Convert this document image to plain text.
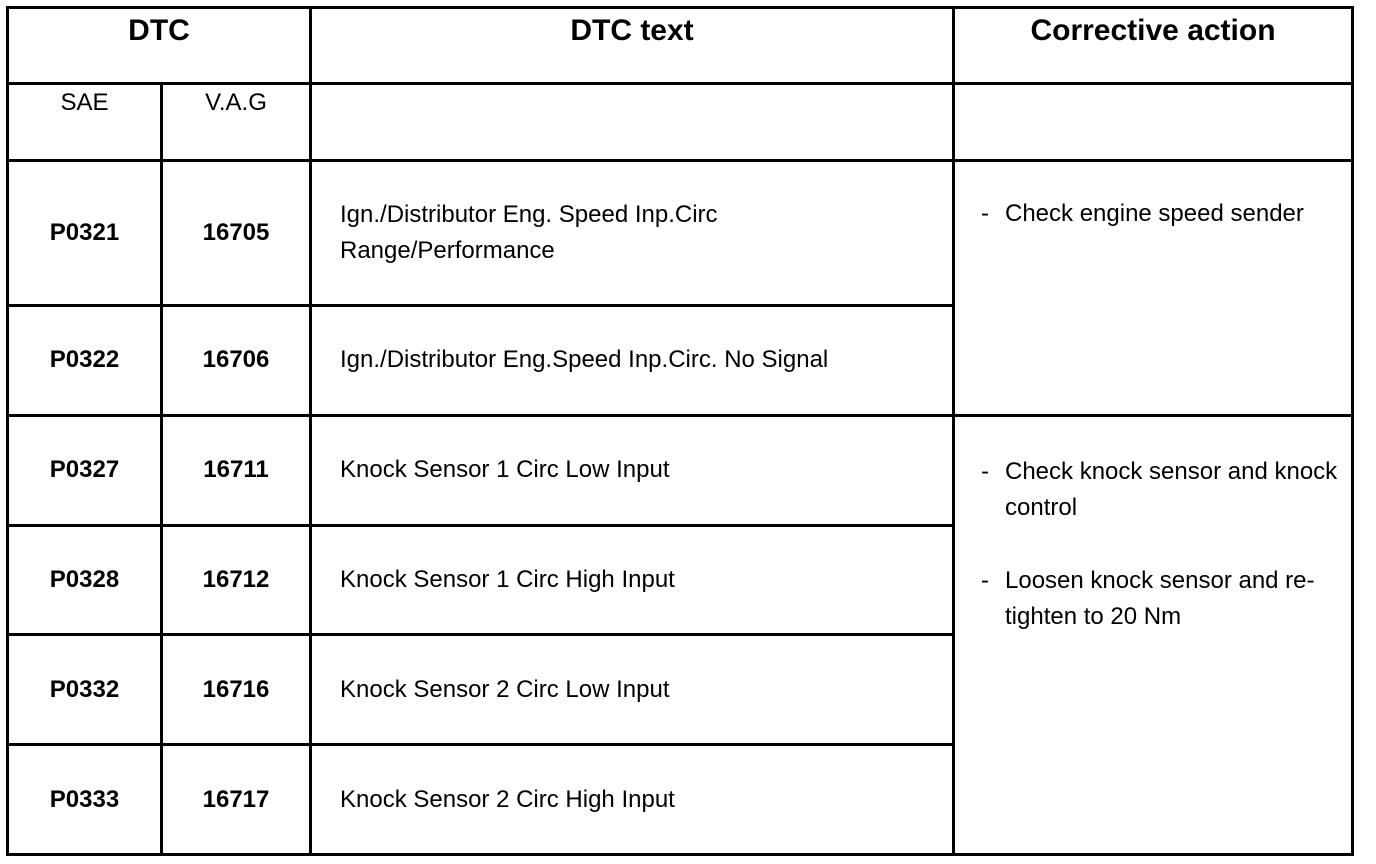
DTC		DTC text	Corrective action
SAE	V.A.G		
P0321	16705	Ign./Distributor Eng. Speed Inp.Circ Range/Performance	- Check engine speed sender

P0322	16706	Ign./Distributor Eng.Speed Inp.Circ. No Signal	
P0327	16711	Knock Sensor 1 Circ Low Input	- Check knock sensor and knock control
- Loosen knock sensor and re-tighten to 20 Nm

P0328	16712	Knock Sensor 1 Circ High Input	
P0332	16716	Knock Sensor 2 Circ Low Input	
P0333	16717	Knock Sensor 2 Circ High Input	
